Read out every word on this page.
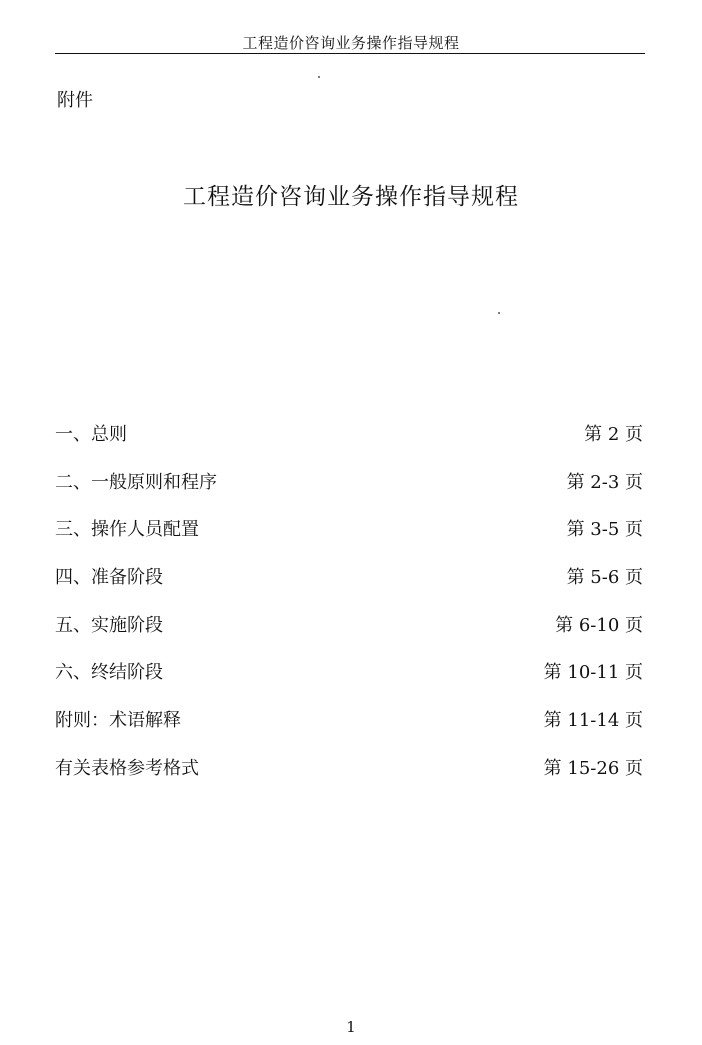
工程造价咨询业务操作指导规程
附件
工程造价咨询业务操作指导规程
一、总则	第 2 页
二、一般原则和程序	第 2-3 页
三、操作人员配置	第 3-5 页
四、准备阶段	第 5-6 页
五、实施阶段	第 6-10 页
六、终结阶段	第 10-11 页
附则：术语解释	第 11-14 页
有关表格参考格式	第 15-26 页
1
